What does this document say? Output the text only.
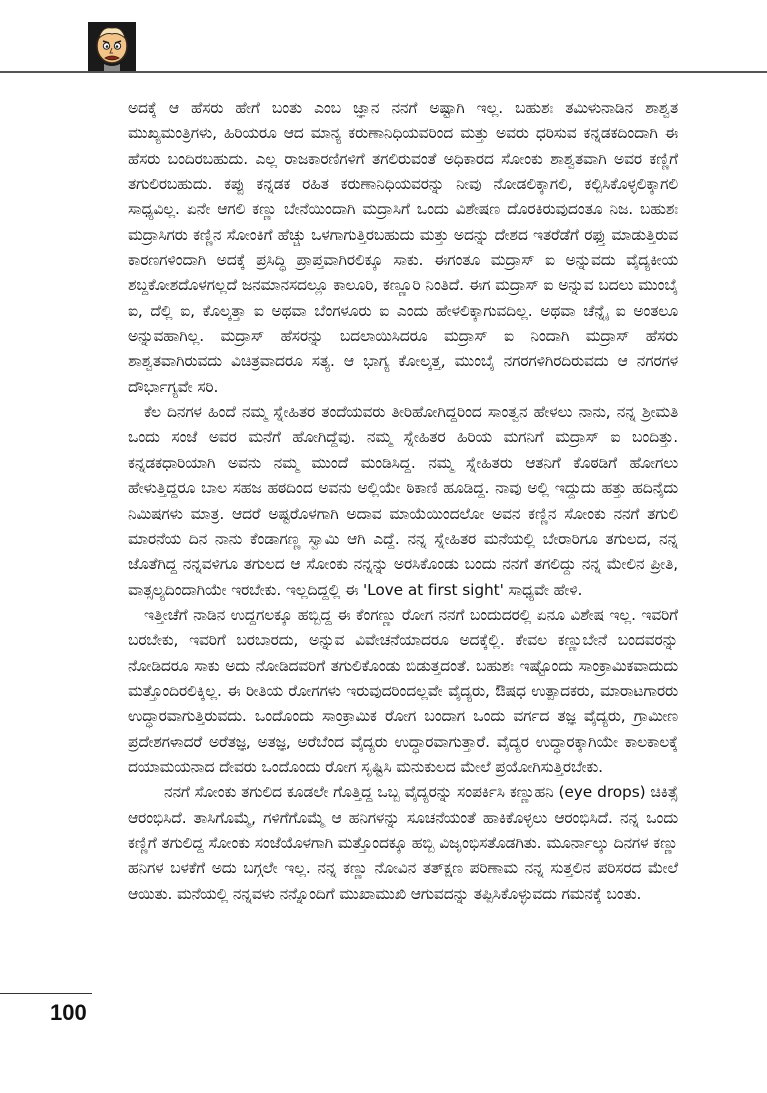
ಅದಕ್ಕೆ ಆ ಹೆಸರು ಹೇಗೆ ಬಂತು ಎಂಬ ಜ್ಞಾನ ನನಗೆ ಅಷ್ಟಾಗಿ ಇಲ್ಲ. ಬಹುಶಃ ತಮಿಳುನಾಡಿನ ಶಾಶ್ವತ ಮುಖ್ಯಮಂತ್ರಿಗಳು, ಹಿರಿಯರೂ ಆದ ಮಾನ್ಯ ಕರುಣಾನಿಧಿಯವರಿಂದ ಮತ್ತು ಅವರು ಧರಿಸುವ ಕನ್ನಡಕದಿಂದಾಗಿ ಈ ಹೆಸರು ಬಂದಿರಬಹುದು. ಎಲ್ಲ ರಾಜಕಾರಣಿಗಳಿಗೆ ತಗಲಿರುವಂತೆ ಅಧಿಕಾರದ ಸೋಂಕು ಶಾಶ್ವತವಾಗಿ ಅವರ ಕಣ್ಣಿಗೆ ತಗುಲಿರಬಹುದು. ಕಪ್ಪು ಕನ್ನಡಕ ರಹಿತ ಕರುಣಾನಿಧಿಯವರನ್ನು ನೀವು ನೋಡಲಿಕ್ಕಾಗಲಿ, ಕಲ್ಪಿಸಿಕೊಳ್ಳಲಿಕ್ಕಾಗಲಿ ಸಾಧ್ಯವಿಲ್ಲ. ಏನೇ ಆಗಲಿ ಕಣ್ಣು ಬೇನೆಯಿಂದಾಗಿ ಮದ್ರಾಸಿಗೆ ಒಂದು ವಿಶೇಷಣ ದೊರಕಿರುವುದಂತೂ ನಿಜ. ಬಹುಶಃ ಮದ್ರಾಸಿಗರು ಕಣ್ಣಿನ ಸೋಂಕಿಗೆ ಹೆಚ್ಚು ಒಳಗಾಗುತ್ತಿರಬಹುದು ಮತ್ತು ಅದನ್ನು ದೇಶದ ಇತರೆಡೆಗೆ ರಫ್ತು ಮಾಡುತ್ತಿರುವ ಕಾರಣಗಳಿಂದಾಗಿ ಅದಕ್ಕೆ ಪ್ರಸಿದ್ಧಿ ಪ್ರಾಪ್ತವಾಗಿರಲಿಕ್ಕೂ ಸಾಕು. ಈಗಂತೂ ಮದ್ರಾಸ್ ಐ ಅನ್ನುವದು ವೈದ್ಯಕೀಯ ಶಬ್ದಕೋಶದೊಳಗಲ್ಲದೆ ಜನಮಾನಸದಲ್ಲೂ ಕಾಲೂರಿ, ಕಣ್ಣೂರಿ ನಿಂತಿದೆ. ಈಗ ಮದ್ರಾಸ್ ಐ ಅನ್ನುವ ಬದಲು ಮುಂಬೈ ಐ, ದೆಲ್ಲಿ ಐ, ಕೊಲ್ಕತ್ತಾ ಐ ಅಥವಾ ಬೆಂಗಳೂರು ಐ ಎಂದು ಹೇಳಲಿಕ್ಕಾಗುವದಿಲ್ಲ. ಅಥವಾ ಚೆನ್ನೈ ಐ ಅಂತಲೂ ಅನ್ನುವಹಾಗಿಲ್ಲ. ಮದ್ರಾಸ್ ಹೆಸರನ್ನು ಬದಲಾಯಿಸಿದರೂ ಮದ್ರಾಸ್ ಐ ನಿಂದಾಗಿ ಮದ್ರಾಸ್ ಹೆಸರು ಶಾಶ್ವತವಾಗಿರುವದು ವಿಚಿತ್ರವಾದರೂ ಸತ್ಯ. ಆ ಭಾಗ್ಯ ಕೋಲ್ಕತ್ತ, ಮುಂಬೈ ನಗರಗಳಿಗಿರದಿರುವದು ಆ ನಗರಗಳ ದೌರ್ಭಾಗ್ಯವೇ ಸರಿ.

ಕೆಲ ದಿನಗಳ ಹಿಂದೆ ನಮ್ಮ ಸ್ನೇಹಿತರ ತಂದೆಯವರು ತೀರಿಹೋಗಿದ್ದರಿಂದ ಸಾಂತ್ವನ ಹೇಳಲು ನಾನು, ನನ್ನ ಶ್ರೀಮತಿ ಒಂದು ಸಂಜೆ ಅವರ ಮನೆಗೆ ಹೋಗಿದ್ದೆವು. ನಮ್ಮ ಸ್ನೇಹಿತರ ಹಿರಿಯ ಮಗನಿಗೆ ಮದ್ರಾಸ್ ಐ ಬಂದಿತ್ತು. ಕನ್ನಡಕಧಾರಿಯಾಗಿ ಅವನು ನಮ್ಮ ಮುಂದೆ ಮಂಡಿಸಿದ್ದ. ನಮ್ಮ ಸ್ನೇಹಿತರು ಆತನಿಗೆ ಕೊಠಡಿಗೆ ಹೋಗಲು ಹೇಳುತ್ತಿದ್ದರೂ ಬಾಲ ಸಹಜ ಹಠದಿಂದ ಅವನು ಅಲ್ಲಿಯೇ ಠಿಕಾಣಿ ಹೂಡಿದ್ದ. ನಾವು ಅಲ್ಲಿ ಇದ್ದುದು ಹತ್ತು ಹದಿನೈದು ನಿಮಿಷಗಳು ಮಾತ್ರ. ಆದರೆ ಅಷ್ಟರೊಳಗಾಗಿ ಅದಾವ ಮಾಯೆಯಿಂದಲೋ ಅವನ ಕಣ್ಣಿನ ಸೋಂಕು ನನಗೆ ತಗುಲಿ ಮಾರನೆಯ ದಿನ ನಾನು ಕೆಂಡಾಗಣ್ಣ ಸ್ವಾಮಿ ಆಗಿ ಎದ್ದೆ. ನನ್ನ ಸ್ನೇಹಿತರ ಮನೆಯಲ್ಲಿ ಬೇರಾರಿಗೂ ತಗುಲದ, ನನ್ನ ಜೊತೆಗಿದ್ದ ನನ್ನವಳಿಗೂ ತಗುಲದ ಆ ಸೋಂಕು ನನ್ನನ್ನು ಅರಸಿಕೊಂಡು ಬಂದು ನನಗೆ ತಗಲಿದ್ದು ನನ್ನ ಮೇಲಿನ ಪ್ರೀತಿ, ವಾತ್ಸಲ್ಯದಿಂದಾಗಿಯೇ ಇರಬೇಕು. ಇಲ್ಲದಿದ್ದಲ್ಲಿ ಈ 'Love at first sight' ಸಾಧ್ಯವೇ ಹೇಳಿ.

ಇತ್ತೀಚೆಗೆ ನಾಡಿನ ಉದ್ದಗಲಕ್ಕೂ ಹಬ್ಬಿದ್ದ ಈ ಕೆಂಗಣ್ಣು ರೋಗ ನನಗೆ ಬಂದುದರಲ್ಲಿ ಏನೂ ವಿಶೇಷ ಇಲ್ಲ. ಇವರಿಗೆ ಬರಬೇಕು, ಇವರಿಗೆ ಬರಬಾರದು, ಅನ್ನುವ ವಿವೇಚನೆಯಾದರೂ ಅದಕ್ಕೆಲ್ಲಿ. ಕೇವಲ ಕಣ್ಣುಬೇನೆ ಬಂದವರನ್ನು ನೋಡಿದರೂ ಸಾಕು ಅದು ನೋಡಿದವರಿಗೆ ತಗುಲಿಕೊಂಡು ಬಿಡುತ್ತದಂತೆ. ಬಹುಶಃ ಇಷ್ಟೊಂದು ಸಾಂಕ್ರಾಮಿಕವಾದುದು ಮತ್ತೊಂದಿರಲಿಕ್ಕಿಲ್ಲ. ಈ ರೀತಿಯ ರೋಗಗಳು ಇರುವುದರಿಂದಲ್ಲವೇ ವೈದ್ಯರು, ಔಷಧ ಉತ್ಪಾದಕರು, ಮಾರಾಟಗಾರರು ಉದ್ಧಾರವಾಗುತ್ತಿರುವದು. ಒಂದೊಂದು ಸಾಂಕ್ರಾಮಿಕ ರೋಗ ಬಂದಾಗ ಒಂದು ವರ್ಗದ ತಜ್ಞ ವೈದ್ಯರು, ಗ್ರಾಮೀಣ ಪ್ರದೇಶಗಳಾದರೆ ಅರೆತಜ್ಞ, ಅತಜ್ಞ, ಅರೆಬೆಂದ ವೈದ್ಯರು ಉದ್ಧಾರವಾಗುತ್ತಾರೆ. ವೈದ್ಯರ ಉದ್ಧಾರಕ್ಕಾಗಿಯೇ ಕಾಲಕಾಲಕ್ಕೆ ದಯಾಮಯನಾದ ದೇವರು ಒಂದೊಂದು ರೋಗ ಸೃಷ್ಟಿಸಿ ಮನುಕುಲದ ಮೇಲೆ ಪ್ರಯೋಗಿಸುತ್ತಿರಬೇಕು.

ನನಗೆ ಸೋಂಕು ತಗುಲಿದ ಕೂಡಲೇ ಗೊತ್ತಿದ್ದ ಒಬ್ಬ ವೈದ್ಯರನ್ನು ಸಂಪರ್ಕಿಸಿ ಕಣ್ಣುಹನಿ (eye drops) ಚಿಕಿತ್ಸೆ ಆರಂಭಿಸಿದೆ. ತಾಸಿಗೊಮ್ಮೆ, ಗಳಿಗೆಗೊಮ್ಮೆ ಆ ಹನಿಗಳನ್ನು ಸೂಚನೆಯಂತೆ ಹಾಕಿಕೊಳ್ಳಲು ಆರಂಭಿಸಿದೆ. ನನ್ನ ಒಂದು ಕಣ್ಣಿಗೆ ತಗುಲಿದ್ದ ಸೋಂಕು ಸಂಜೆಯೊಳಗಾಗಿ ಮತ್ತೊಂದಕ್ಕೂ ಹಬ್ಬಿ ವಿಜೃಂಭಿಸತೊಡಗಿತು. ಮೂರ್ನಾಲ್ಕು ದಿನಗಳ ಕಣ್ಣು ಹನಿಗಳ ಬಳಕೆಗೆ ಅದು ಬಗ್ಗಲೇ ಇಲ್ಲ. ನನ್ನ ಕಣ್ಣು ನೋವಿನ ತತ್ಕ್ಷಣ ಪರಿಣಾಮ ನನ್ನ ಸುತ್ತಲಿನ ಪರಿಸರದ ಮೇಲೆ ಆಯಿತು. ಮನೆಯಲ್ಲಿ ನನ್ನವಳು ನನ್ನೊಂದಿಗೆ ಮುಖಾಮುಖಿ ಆಗುವದನ್ನು ತಪ್ಪಿಸಿಕೊಳ್ಳುವದು ಗಮನಕ್ಕೆ ಬಂತು.

100
